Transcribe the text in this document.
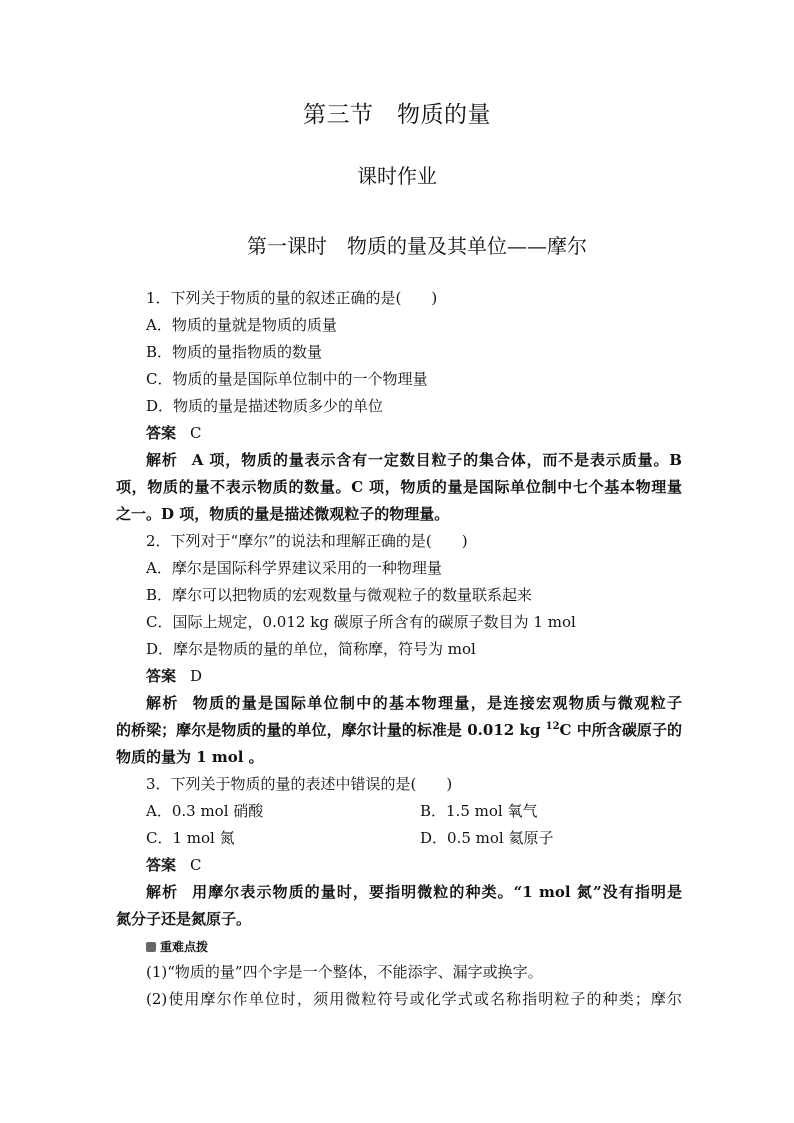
第三节　物质的量
课时作业
第一课时　物质的量及其单位——摩尔
1．下列关于物质的量的叙述正确的是(　　)
A．物质的量就是物质的质量
B．物质的量指物质的数量
C．物质的量是国际单位制中的一个物理量
D．物质的量是描述物质多少的单位
答案 C
解析 A 项，物质的量表示含有一定数目粒子的集合体，而不是表示质量。B
项，物质的量不表示物质的数量。C 项，物质的量是国际单位制中七个基本物理量
之一。D 项，物质的量是描述微观粒子的物理量。
2．下列对于“摩尔”的说法和理解正确的是(　　)
A．摩尔是国际科学界建议采用的一种物理量
B．摩尔可以把物质的宏观数量与微观粒子的数量联系起来
C．国际上规定，0.012 kg 碳原子所含有的碳原子数目为 1 mol
D．摩尔是物质的量的单位，简称摩，符号为 mol
答案 D
解析 物质的量是国际单位制中的基本物理量，是连接宏观物质与微观粒子
的桥梁；摩尔是物质的量的单位，摩尔计量的标准是 0.012 kg $^{12}$C 中所含碳原子的
物质的量为 1 mol 。
3．下列关于物质的量的表述中错误的是(　　)
A．0.3 mol 硝酸	B．1.5 mol 氧气
C．1 mol 氮	D．0.5 mol 氦原子
答案 C
解析 用摩尔表示物质的量时，要指明微粒的种类。“1 mol 氮”没有指明是
氮分子还是氮原子。
重难点拨
(1)“物质的量”四个字是一个整体，不能添字、漏字或换字。
(2)使用摩尔作单位时，须用微粒符号或化学式或名称指明粒子的种类；摩尔
